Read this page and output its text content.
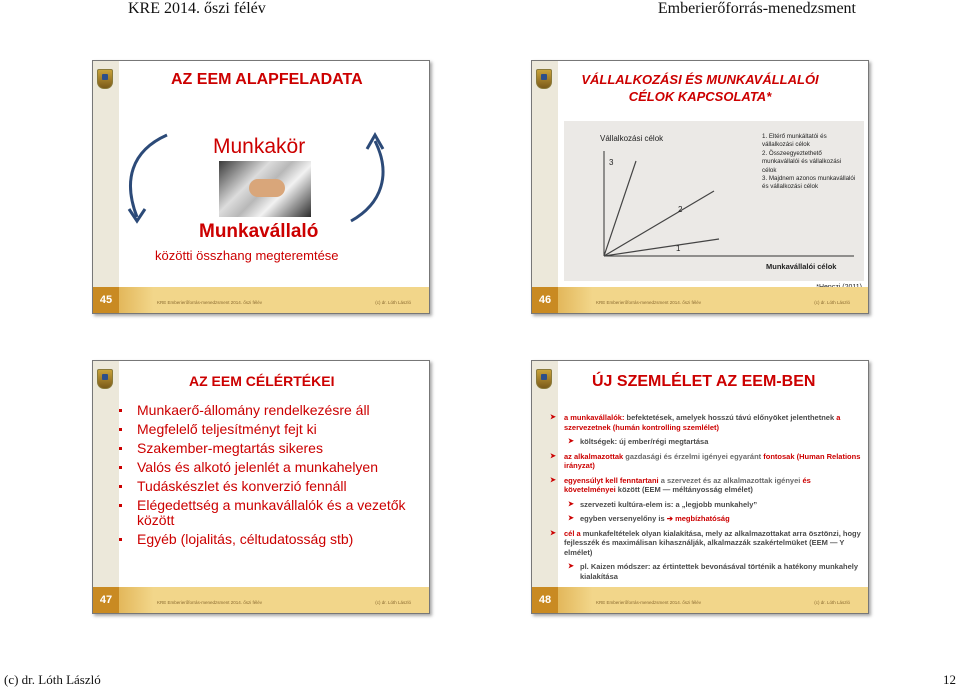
KRE 2014. őszi félév	Emberierőforrás-menedzsment
AZ EEM ALAPFELADATA
Munkakör
Munkavállaló
közötti összhang megteremtése
45	KRE Emberierőforrás-menedzsment 2014. őszi félév	(c) dr. Lóth László
VÁLLALKOZÁSI ÉS MUNKAVÁLLALÓI
CÉLOK KAPCSOLATA*
Vállalkozási célok
Munkavállalói célok
3
2
1
1. Eltérő munkáltatói és vállalkozási célok
2. Összeegyeztethető munkavállalói és vállalkozási célok
3. Majdnem azonos munkavállalói és vállalkozási célok
46	KRE Emberierőforrás-menedzsment 2014. őszi félév	(c) dr. Lóth László
AZ EEM CÉLÉRTÉKEI
Munkaerő-állomány rendelkezésre áll
Megfelelő teljesítményt fejt ki
Szakember-megtartás sikeres
Valós és alkotó jelenlét a munkahelyen
Tudáskészlet és konverzió fennáll
Elégedettség a munkavállalók és a vezetők között
Egyéb (lojalitás, céltudatosság stb)
47	KRE Emberierőforrás-menedzsment 2014. őszi félév	(c) dr. Lóth László
ÚJ SZEMLÉLET AZ EEM-BEN
➤ a munkavállalók: befektetések, amelyek hosszú távú előnyöket jelenthetnek a szervezetnek (humán kontrolling szemlélet)
➤ költségek: új ember/régi megtartása
➤ az alkalmazottak gazdasági és érzelmi igényei egyaránt fontosak (Human Relations irányzat)
➤ egyensúlyt kell fenntartani a szervezet és az alkalmazottak igényei és követelményei között (EEM — méltányosság elmélet)
➤ szervezeti kultúra-elem is: a „legjobb munkahely”
➤ egyben versenyelőny is ➔ megbízhatóság
➤ cél a munkafeltételek olyan kialakítása, mely az alkalmazottakat arra ösztönzi, hogy fejlesszék és maximálisan kihasználják, alkalmazzák szakértelmüket (EEM — Y elmélet)
➤ pl. Kaizen módszer: az értintettek bevonásával történik a hatékony munkahely kialakítása
48	KRE Emberierőforrás-menedzsment 2014. őszi félév	(c) dr. Lóth László
(c) dr. Lóth László	12
